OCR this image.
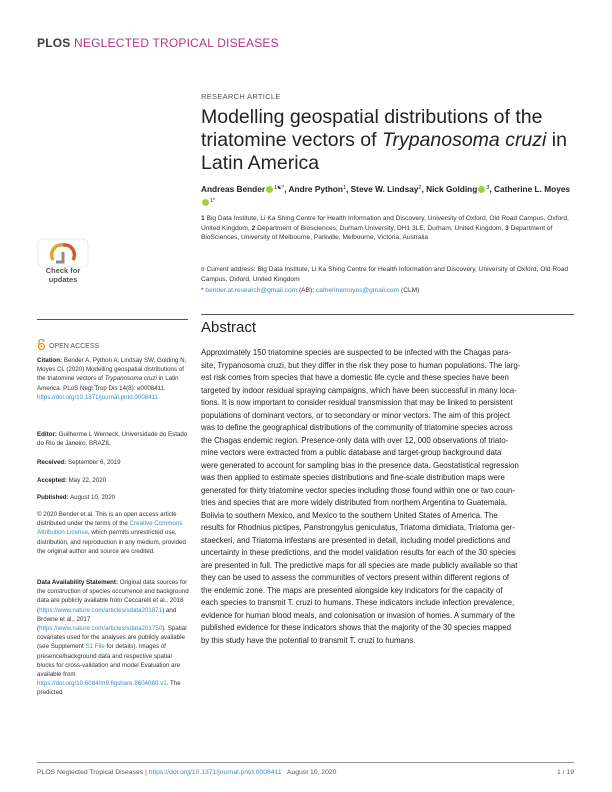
PLOS NEGLECTED TROPICAL DISEASES
Check for updates
OPEN ACCESS
Citation: Bender A, Python A, Lindsay SW, Golding N, Moyes CL (2020) Modelling geospatial distributions of the triatomine vectors of Trypanosoma cruzi in Latin America. PLoS Negl Trop Dis 14(8): e0008411. https://doi.org/10.1371/journal.pntd.0008411
Editor: Guilherme L Werneck, Universidade do Estado do Rio de Janeiro, BRAZIL
Received: September 6, 2019
Accepted: May 22, 2020
Published: August 10, 2020
© 2020 Bender et al. This is an open access article distributed under the terms of the Creative Commons Attribution License, which permits unrestricted use, distribution, and reproduction in any medium, provided the original author and source are credited.
Data Availability Statement: Original data sources for the construction of species occurrence and background data are publicly available from Ceccarelli et al., 2018 (https://www.nature.com/articles/sdata201871) and Browne et al., 2017 (https://www.nature.com/articles/sdata201750). Spatial covariates used for the analyses are publicly available (see Supplement S1 File for details). Images of presence/background data and respective spatial blocks for cross-validation and model Evaluation are available from https://doi.org/10.6084/m9.figshare.8604080.v1. The predicted
RESEARCH ARTICLE
Modelling geospatial distributions of the triatomine vectors of Trypanosoma cruzi in Latin America
Andreas Bender $^{1☯*}$, Andre Python$^1$, Steve W. Lindsay$^2$, Nick Golding $^3$, Catherine L. Moyes$^{1*}$
1 Big Data Institute, Li Ka Shing Centre for Health Information and Discovery, University of Oxford, Old Road Campus, Oxford, United Kingdom, 2 Department of Biosciences, Durham University, DH1 3LE, Durham, United Kingdom, 3 Department of BioSciences, University of Melbourne, Parkville, Melbourne, Victoria, Australia
¤ Current address: Big Data Institute, Li Ka Shing Centre for Health Information and Discovery, University of Oxford, Old Road Campus, Oxford, United Kingdom
* bender.at.research@gmail.com (AB); catherinemoyes@gmail.com (CLM)
Abstract
Approximately 150 triatomine species are suspected to be infected with the Chagas para-
site, Trypanosoma cruzi, but they differ in the risk they pose to human populations. The larg-
est risk comes from species that have a domestic life cycle and these species have been
targeted by indoor residual spraying campaigns, which have been successful in many loca-
tions. It is now important to consider residual transmission that may be linked to persistent
populations of dominant vectors, or to secondary or minor vectors. The aim of this project
was to define the geographical distributions of the community of triatomine species across
the Chagas endemic region. Presence-only data with over 12, 000 observations of triato-
mine vectors were extracted from a public database and target-group background data
were generated to account for sampling bias in the presence data. Geostatistical regression
was then applied to estimate species distributions and fine-scale distribution maps were
generated for thirty triatomine vector species including those found within one or two coun-
tries and species that are more widely distributed from northern Argentina to Guatemala,
Bolivia to southern Mexico, and Mexico to the southern United States of America. The
results for Rhodnius pictipes, Panstrongylus geniculatus, Triatoma dimidiata, Triatoma ger-
staeckeri, and Triatoma infestans are presented in detail, including model predictions and
uncertainty in these predictions, and the model validation results for each of the 30 species
are presented in full. The predictive maps for all species are made publicly available so that
they can be used to assess the communities of vectors present within different regions of
the endemic zone. The maps are presented alongside key indicators for the capacity of
each species to transmit T. cruzi to humans. These indicators include infection prevalence,
evidence for human blood meals, and colonisation or invasion of homes. A summary of the
published evidence for these indicators shows that the majority of the 30 species mapped
by this study have the potential to transmit T. cruzi to humans.
PLOS Neglected Tropical Diseases | https://doi.org/10.1371/journal.pntd.0008411 August 10, 2020	1 / 19
